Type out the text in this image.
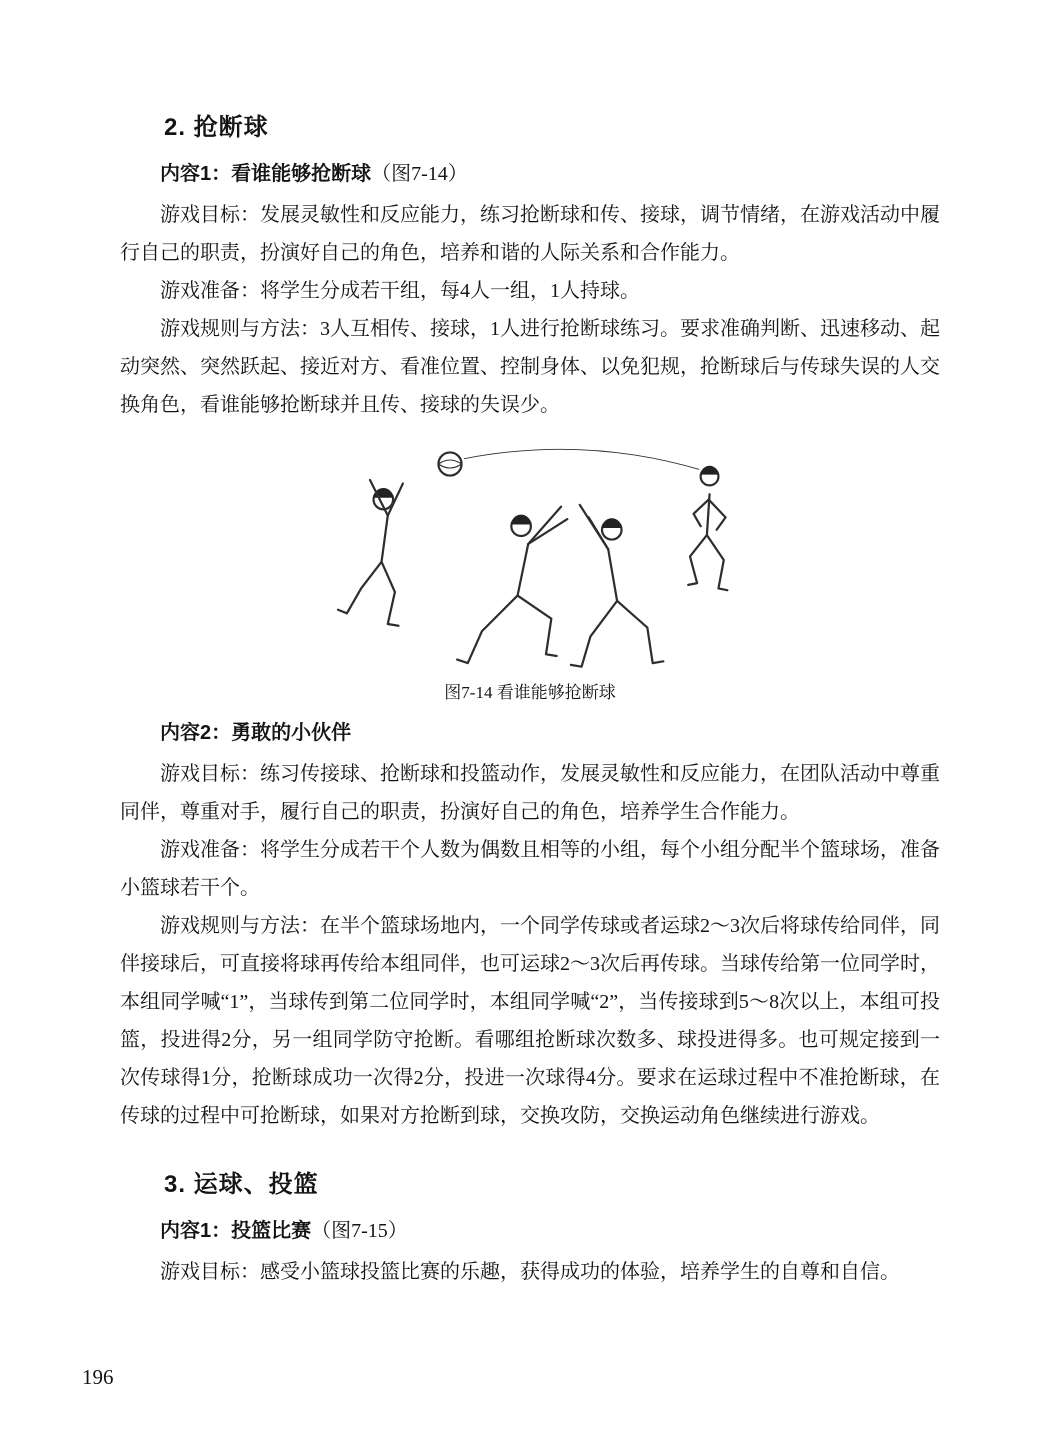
2. 抢断球
内容1：看谁能够抢断球（图7-14）

游戏目标：发展灵敏性和反应能力，练习抢断球和传、接球，调节情绪，在游戏活动中履行自己的职责，扮演好自己的角色，培养和谐的人际关系和合作能力。

游戏准备：将学生分成若干组，每4人一组，1人持球。

游戏规则与方法：3人互相传、接球，1人进行抢断球练习。要求准确判断、迅速移动、起动突然、突然跃起、接近对方、看准位置、控制身体、以免犯规，抢断球后与传球失误的人交换角色，看谁能够抢断球并且传、接球的失误少。

图7-14 看谁能够抢断球
内容2：勇敢的小伙伴

游戏目标：练习传接球、抢断球和投篮动作，发展灵敏性和反应能力，在团队活动中尊重同伴，尊重对手，履行自己的职责，扮演好自己的角色，培养学生合作能力。

游戏准备：将学生分成若干个人数为偶数且相等的小组，每个小组分配半个篮球场，准备小篮球若干个。

游戏规则与方法：在半个篮球场地内，一个同学传球或者运球2～3次后将球传给同伴，同伴接球后，可直接将球再传给本组同伴，也可运球2～3次后再传球。当球传给第一位同学时，本组同学喊“1”，当球传到第二位同学时，本组同学喊“2”，当传接球到5～8次以上，本组可投篮，投进得2分，另一组同学防守抢断。看哪组抢断球次数多、球投进得多。也可规定接到一次传球得1分，抢断球成功一次得2分，投进一次球得4分。要求在运球过程中不准抢断球，在传球的过程中可抢断球，如果对方抢断到球，交换攻防，交换运动角色继续进行游戏。

3. 运球、投篮
内容1：投篮比赛（图7-15）

游戏目标：感受小篮球投篮比赛的乐趣，获得成功的体验，培养学生的自尊和自信。

196
